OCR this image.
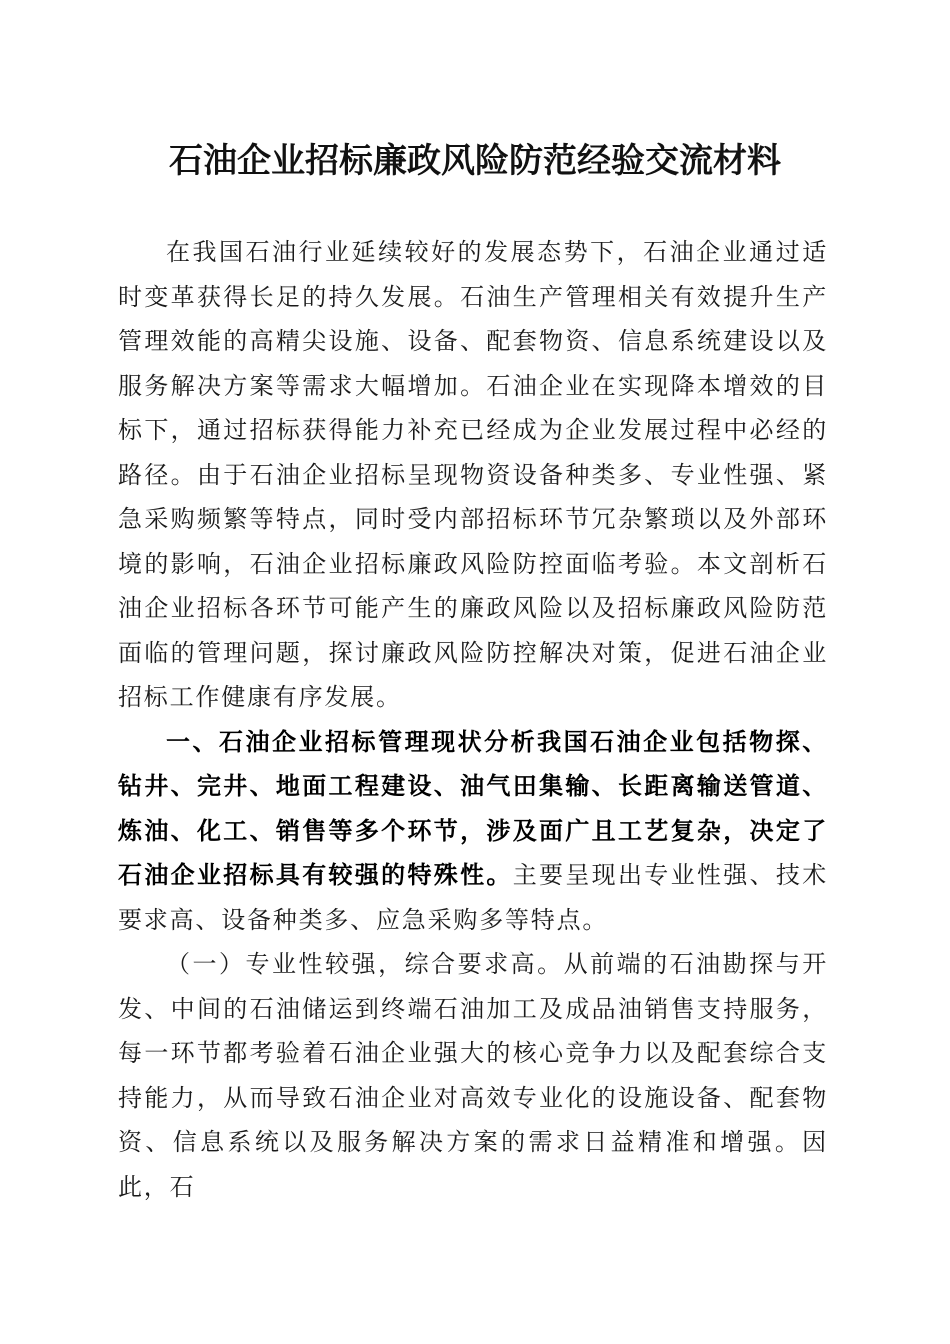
石油企业招标廉政风险防范经验交流材料

在我国石油行业延续较好的发展态势下，石油企业通过适时变革获得长足的持久发展。石油生产管理相关有效提升生产管理效能的高精尖设施、设备、配套物资、信息系统建设以及服务解决方案等需求大幅增加。石油企业在实现降本增效的目标下，通过招标获得能力补充已经成为企业发展过程中必经的路径。由于石油企业招标呈现物资设备种类多、专业性强、紧急采购频繁等特点，同时受内部招标环节冗杂繁琐以及外部环境的影响，石油企业招标廉政风险防控面临考验。本文剖析石油企业招标各环节可能产生的廉政风险以及招标廉政风险防范面临的管理问题，探讨廉政风险防控解决对策，促进石油企业招标工作健康有序发展。

一、石油企业招标管理现状分析我国石油企业包括物探、钻井、完井、地面工程建设、油气田集输、长距离输送管道、炼油、化工、销售等多个环节，涉及面广且工艺复杂，决定了石油企业招标具有较强的特殊性。主要呈现出专业性强、技术要求高、设备种类多、应急采购多等特点。

（一）专业性较强，综合要求高。从前端的石油勘探与开发、中间的石油储运到终端石油加工及成品油销售支持服务，每一环节都考验着石油企业强大的核心竞争力以及配套综合支持能力，从而导致石油企业对高效专业化的设施设备、配套物资、信息系统以及服务解决方案的需求日益精准和增强。因此，石
